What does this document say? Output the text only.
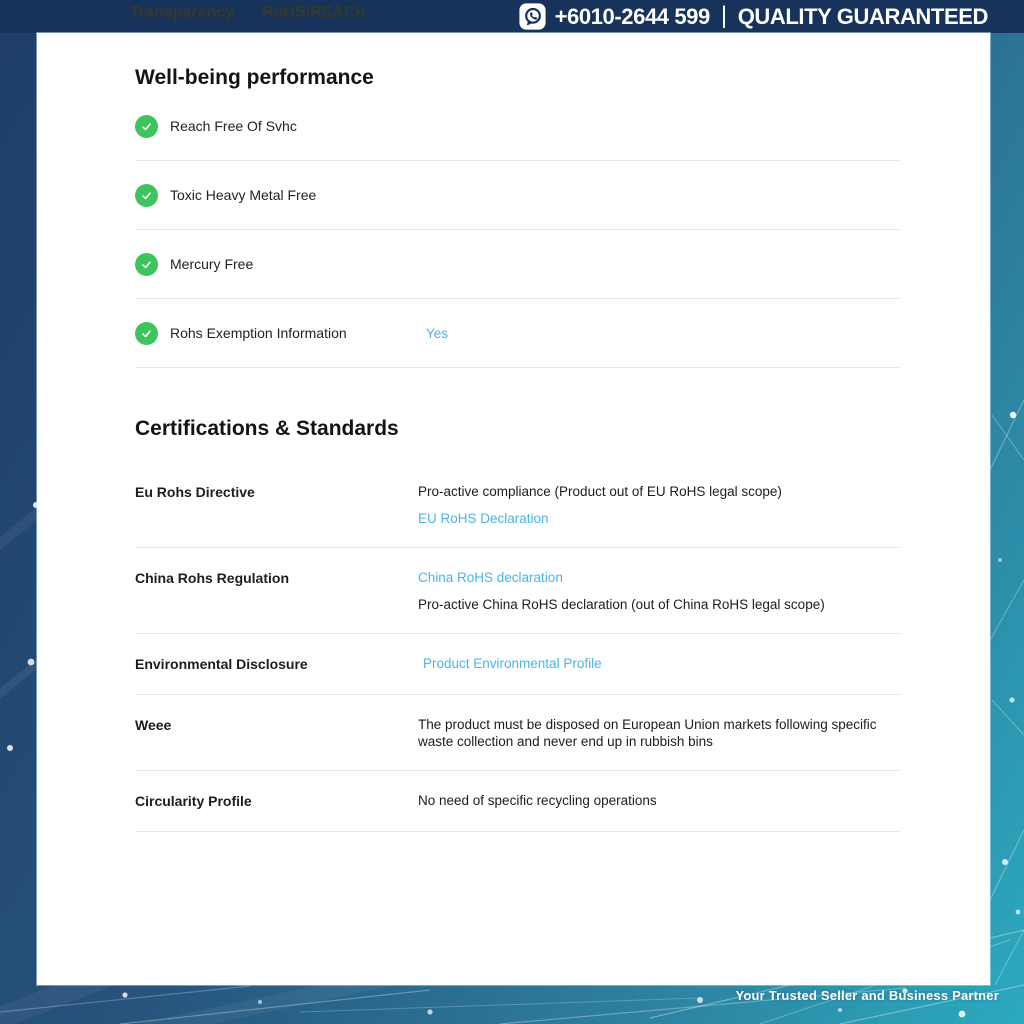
Transparency RoHS/REACh	+6010-2644 599 | QUALITY GUARANTEED
Well-being performance
Reach Free Of Svhc
Toxic Heavy Metal Free
Mercury Free
Rohs Exemption Information	Yes
Certifications & Standards
Eu Rohs Directive	Pro-active compliance (Product out of EU RoHS legal scope)
EU RoHS Declaration
China Rohs Regulation	China RoHS declaration
Pro-active China RoHS declaration (out of China RoHS legal scope)
Environmental Disclosure	Product Environmental Profile
Weee	The product must be disposed on European Union markets following specific waste collection and never end up in rubbish bins
Circularity Profile	No need of specific recycling operations
Your Trusted Seller and Business Partner
